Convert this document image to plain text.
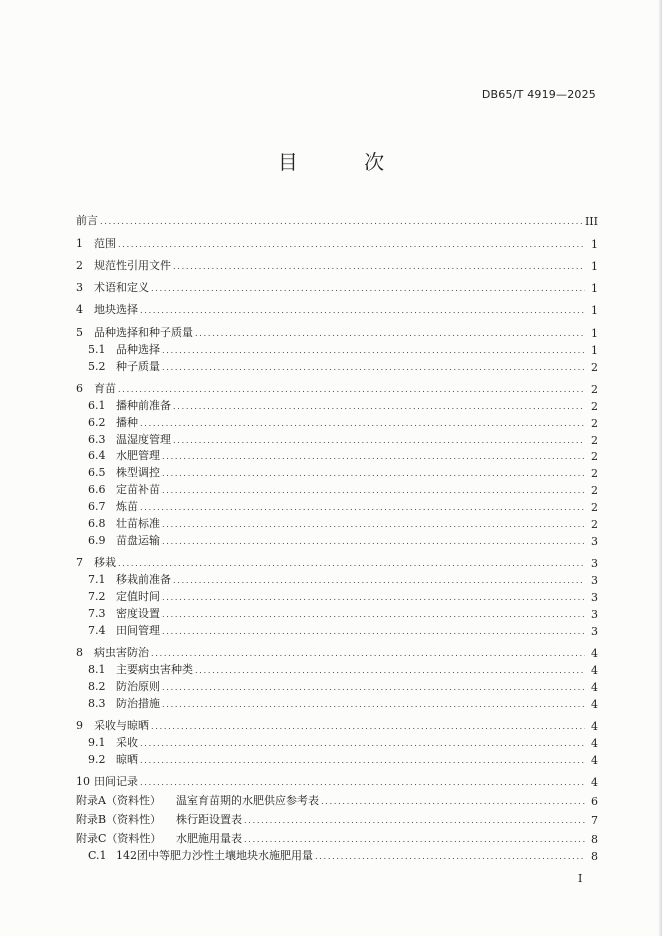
DB65/T 4919—2025
目 次
前言 . . .	III
1 范围 . . .	1
2 规范性引用文件 . . .	1
3 术语和定义 . . .	1
4 地块选择 . . .	1
5 品种选择和种子质量 . . .	1
5.1 品种选择 . . .	1
5.2 种子质量 . . .	2
6 育苗 . . .	2
6.1 播种前准备 . . .	2
6.2 播种 . . .	2
6.3 温湿度管理 . . .	2
6.4 水肥管理 . . .	2
6.5 株型调控 . . .	2
6.6 定苗补苗 . . .	2
6.7 炼苗 . . .	2
6.8 壮苗标准 . . .	2
6.9 苗盘运输 . . .	3
7 移栽 . . .	3
7.1 移栽前准备 . . .	3
7.2 定值时间 . . .	3
7.3 密度设置 . . .	3
7.4 田间管理 . . .	3
8 病虫害防治 . . .	4
8.1 主要病虫害种类 . . .	4
8.2 防治原则 . . .	4
8.3 防治措施 . . .	4
9 采收与晾晒 . . .	4
9.1 采收 . . .	4
9.2 晾晒 . . .	4
10 田间记录 . . .	4
附录A（资料性） 温室育苗期的水肥供应参考表 . . .	6
附录B（资料性） 株行距设置表 . . .	7
附录C（资料性） 水肥施用量表 . . .	8
C.1 142团中等肥力沙性土壤地块水施肥用量 . . .	8
I
